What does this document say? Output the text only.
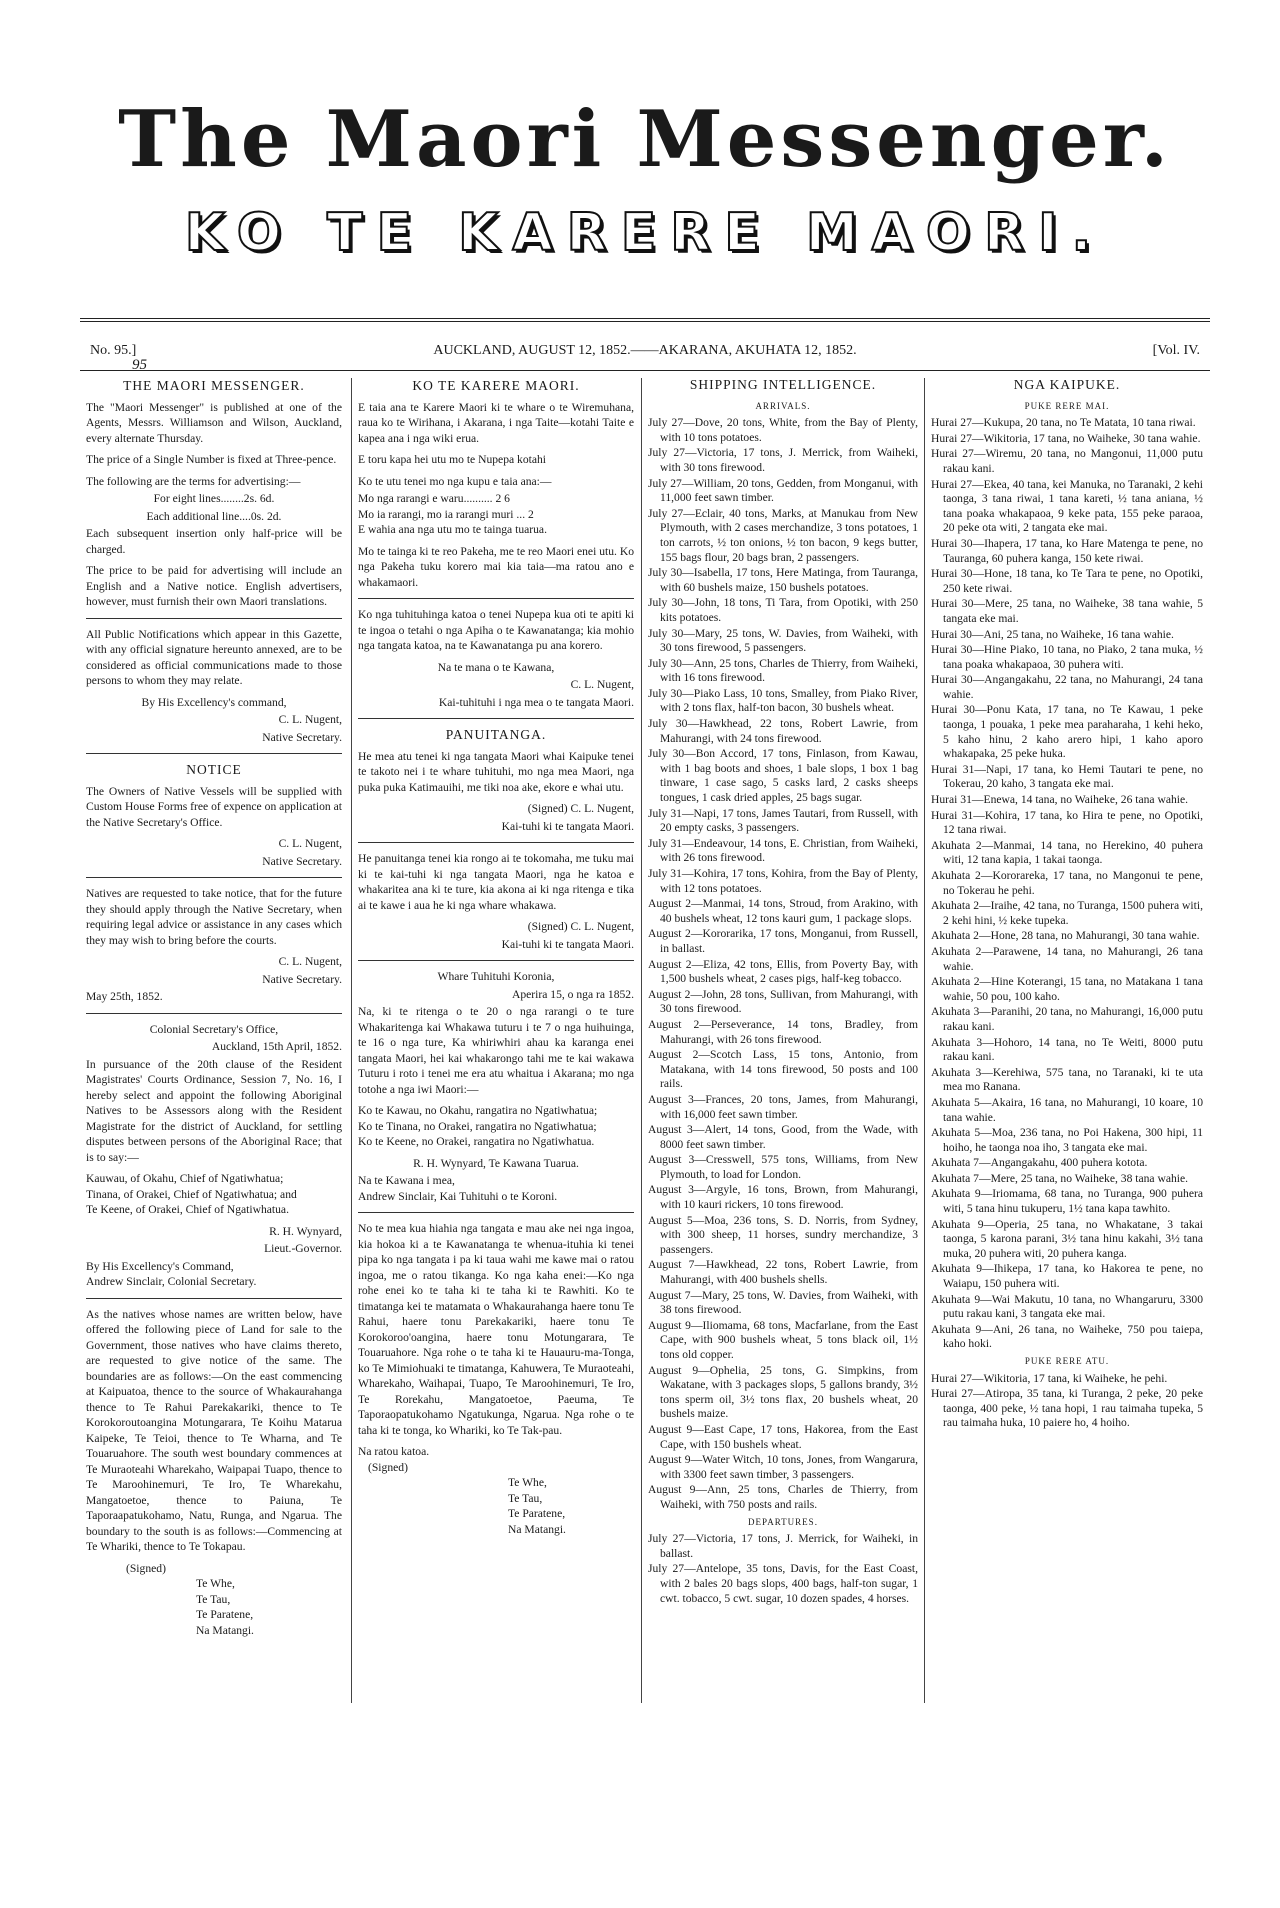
The Maori Messenger.
KO TE KARERE MAORI.
No. 95.]
95
AUCKLAND, AUGUST 12, 1852.——AKARANA, AKUHATA 12, 1852.	[Vol. IV.
THE MAORI MESSENGER.

The "Maori Messenger" is published at one of the Agents, Messrs. Williamson and Wilson, Auckland, every alternate Thursday.

The price of a Single Number is fixed at Three-pence.

The following are the terms for advertising:—

For eight lines........2s. 6d.

Each additional line....0s. 2d.

Each subsequent insertion only half-price will be charged.

The price to be paid for advertising will include an English and a Native notice. English advertisers, however, must furnish their own Maori translations.

All Public Notifications which appear in this Gazette, with any official signature hereunto annexed, are to be considered as official communications made to those persons to whom they may relate.

By His Excellency's command,

C. L. Nugent,

Native Secretary.

NOTICE

The Owners of Native Vessels will be supplied with Custom House Forms free of expence on application at the Native Secretary's Office.

C. L. Nugent,

Native Secretary.

Natives are requested to take notice, that for the future they should apply through the Native Secretary, when requiring legal advice or assistance in any cases which they may wish to bring before the courts.

C. L. Nugent,

Native Secretary.

May 25th, 1852.

Colonial Secretary's Office,

Auckland, 15th April, 1852.

In pursuance of the 20th clause of the Resident Magistrates' Courts Ordinance, Session 7, No. 16, I hereby select and appoint the following Aboriginal Natives to be Assessors along with the Resident Magistrate for the district of Auckland, for settling disputes between persons of the Aboriginal Race; that is to say:—

Kauwau, of Okahu, Chief of Ngatiwhatua;

Tinana, of Orakei, Chief of Ngatiwhatua; and

Te Keene, of Orakei, Chief of Ngatiwhatua.

R. H. Wynyard,

Lieut.-Governor.

By His Excellency's Command,

Andrew Sinclair, Colonial Secretary.

As the natives whose names are written below, have offered the following piece of Land for sale to the Government, those natives who have claims thereto, are requested to give notice of the same. The boundaries are as follows:—On the east commencing at Kaipuatoa, thence to the source of Whakaurahanga thence to Te Rahui Parekakariki, thence to Te Korokoroutoangina Motungarara, Te Koihu Matarua Kaipeke, Te Teioi, thence to Te Wharna, and Te Touaruahore. The south west boundary commences at Te Muraoteahi Wharekaho, Waipapai Tuapo, thence to Te Maroohinemuri, Te Iro, Te Wharekahu, Mangatoetoe, thence to Paiuna, Te Taporaapatukohamo, Natu, Runga, and Ngarua. The boundary to the south is as follows:—Commencing at Te Whariki, thence to Te Tokapau.

(Signed)

Te Whe,

Te Tau,

Te Paratene,

Na Matangi.

KO TE KARERE MAORI.

E taia ana te Karere Maori ki te whare o te Wiremuhana, raua ko te Wirihana, i Akarana, i nga Taite—kotahi Taite e kapea ana i nga wiki erua.

E toru kapa hei utu mo te Nupepa kotahi

Ko te utu tenei mo nga kupu e taia ana:—

Mo nga rarangi e waru.......... 2 6

Mo ia rarangi, mo ia rarangi muri ... 2

E wahia ana nga utu mo te tainga tuarua.

Mo te tainga ki te reo Pakeha, me te reo Maori enei utu. Ko nga Pakeha tuku korero mai kia taia—ma ratou ano e whakamaori.

Ko nga tuhituhinga katoa o tenei Nupepa kua oti te apiti ki te ingoa o tetahi o nga Apiha o te Kawanatanga; kia mohio nga tangata katoa, na te Kawanatanga pu ana korero.

Na te mana o te Kawana,

C. L. Nugent,

Kai-tuhituhi i nga mea o te tangata Maori.

PANUITANGA.

He mea atu tenei ki nga tangata Maori whai Kaipuke tenei te takoto nei i te whare tuhituhi, mo nga mea Maori, nga puka puka Katimauihi, me tiki noa ake, ekore e whai utu.

(Signed) C. L. Nugent,

Kai-tuhi ki te tangata Maori.

He panuitanga tenei kia rongo ai te tokomaha, me tuku mai ki te kai-tuhi ki nga tangata Maori, nga he katoa e whakaritea ana ki te ture, kia akona ai ki nga ritenga e tika ai te kawe i aua he ki nga whare whakawa.

(Signed) C. L. Nugent,

Kai-tuhi ki te tangata Maori.

Whare Tuhituhi Koronia,

Aperira 15, o nga ra 1852.

Na, ki te ritenga o te 20 o nga rarangi o te ture Whakaritenga kai Whakawa tuturu i te 7 o nga huihuinga, te 16 o nga ture, Ka whiriwhiri ahau ka karanga enei tangata Maori, hei kai whakarongo tahi me te kai wakawa Tuturu i roto i tenei me era atu whaitua i Akarana; mo nga totohe a nga iwi Maori:—

Ko te Kawau, no Okahu, rangatira no Ngatiwhatua;

Ko te Tinana, no Orakei, rangatira no Ngatiwhatua;

Ko te Keene, no Orakei, rangatira no Ngatiwhatua.

R. H. Wynyard, Te Kawana Tuarua.

Na te Kawana i mea,

Andrew Sinclair, Kai Tuhituhi o te Koroni.

No te mea kua hiahia nga tangata e mau ake nei nga ingoa, kia hokoa ki a te Kawanatanga te whenua-ituhia ki tenei pipa ko nga tangata i pa ki taua wahi me kawe mai o ratou ingoa, me o ratou tikanga. Ko nga kaha enei:—Ko nga rohe enei ko te taha ki te taha ki te Rawhiti. Ko te timatanga kei te matamata o Whakaurahanga haere tonu Te Rahui, haere tonu Parekakariki, haere tonu Te Korokoroo'oangina, haere tonu Motungarara, Te Touaruahore. Nga rohe o te taha ki te Hauauru-ma-Tonga, ko Te Mimiohuaki te timatanga, Kahuwera, Te Muraoteahi, Wharekaho, Waihapai, Tuapo, Te Maroohinemuri, Te Iro, Te Rorekahu, Mangatoetoe, Paeuma, Te Taporaopatukohamo Ngatukunga, Ngarua. Nga rohe o te taha ki te tonga, ko Whariki, ko Te Tak-pau.

Na ratou katoa.

(Signed)

Te Whe,

Te Tau,

Te Paratene,

Na Matangi.

SHIPPING INTELLIGENCE.
ARRIVALS.

July 27—Dove, 20 tons, White, from the Bay of Plenty, with 10 tons potatoes.

July 27—Victoria, 17 tons, J. Merrick, from Waiheki, with 30 tons firewood.

July 27—William, 20 tons, Gedden, from Monganui, with 11,000 feet sawn timber.

July 27—Eclair, 40 tons, Marks, at Manukau from New Plymouth, with 2 cases merchandize, 3 tons potatoes, 1 ton carrots, ½ ton onions, ½ ton bacon, 9 kegs butter, 155 bags flour, 20 bags bran, 2 passengers.

July 30—Isabella, 17 tons, Here Matinga, from Tauranga, with 60 bushels maize, 150 bushels potatoes.

July 30—John, 18 tons, Ti Tara, from Opotiki, with 250 kits potatoes.

July 30—Mary, 25 tons, W. Davies, from Waiheki, with 30 tons firewood, 5 passengers.

July 30—Ann, 25 tons, Charles de Thierry, from Waiheki, with 16 tons firewood.

July 30—Piako Lass, 10 tons, Smalley, from Piako River, with 2 tons flax, half-ton bacon, 30 bushels wheat.

July 30—Hawkhead, 22 tons, Robert Lawrie, from Mahurangi, with 24 tons firewood.

July 30—Bon Accord, 17 tons, Finlason, from Kawau, with 1 bag boots and shoes, 1 bale slops, 1 box 1 bag tinware, 1 case sago, 5 casks lard, 2 casks sheeps tongues, 1 cask dried apples, 25 bags sugar.

July 31—Napi, 17 tons, James Tautari, from Russell, with 20 empty casks, 3 passengers.

July 31—Endeavour, 14 tons, E. Christian, from Waiheki, with 26 tons firewood.

July 31—Kohira, 17 tons, Kohira, from the Bay of Plenty, with 12 tons potatoes.

August 2—Manmai, 14 tons, Stroud, from Arakino, with 40 bushels wheat, 12 tons kauri gum, 1 package slops.

August 2—Kororarika, 17 tons, Monganui, from Russell, in ballast.

August 2—Eliza, 42 tons, Ellis, from Poverty Bay, with 1,500 bushels wheat, 2 cases pigs, half-keg tobacco.

August 2—John, 28 tons, Sullivan, from Mahurangi, with 30 tons firewood.

August 2—Perseverance, 14 tons, Bradley, from Mahurangi, with 26 tons firewood.

August 2—Scotch Lass, 15 tons, Antonio, from Matakana, with 14 tons firewood, 50 posts and 100 rails.

August 3—Frances, 20 tons, James, from Mahurangi, with 16,000 feet sawn timber.

August 3—Alert, 14 tons, Good, from the Wade, with 8000 feet sawn timber.

August 3—Cresswell, 575 tons, Williams, from New Plymouth, to load for London.

August 3—Argyle, 16 tons, Brown, from Mahurangi, with 10 kauri rickers, 10 tons firewood.

August 5—Moa, 236 tons, S. D. Norris, from Sydney, with 300 sheep, 11 horses, sundry merchandize, 3 passengers.

August 7—Hawkhead, 22 tons, Robert Lawrie, from Mahurangi, with 400 bushels shells.

August 7—Mary, 25 tons, W. Davies, from Waiheki, with 38 tons firewood.

August 9—Iliomama, 68 tons, Macfarlane, from the East Cape, with 900 bushels wheat, 5 tons black oil, 1½ tons old copper.

August 9—Ophelia, 25 tons, G. Simpkins, from Wakatane, with 3 packages slops, 5 gallons brandy, 3½ tons sperm oil, 3½ tons flax, 20 bushels wheat, 20 bushels maize.

August 9—East Cape, 17 tons, Hakorea, from the East Cape, with 150 bushels wheat.

August 9—Water Witch, 10 tons, Jones, from Wangarura, with 3300 feet sawn timber, 3 passengers.

August 9—Ann, 25 tons, Charles de Thierry, from Waiheki, with 750 posts and rails.

DEPARTURES.

July 27—Victoria, 17 tons, J. Merrick, for Waiheki, in ballast.

July 27—Antelope, 35 tons, Davis, for the East Coast, with 2 bales 20 bags slops, 400 bags, half-ton sugar, 1 cwt. tobacco, 5 cwt. sugar, 10 dozen spades, 4 horses.

NGA KAIPUKE.
PUKE RERE MAI.

Hurai 27—Kukupa, 20 tana, no Te Matata, 10 tana riwai.

Hurai 27—Wikitoria, 17 tana, no Waiheke, 30 tana wahie.

Hurai 27—Wiremu, 20 tana, no Mangonui, 11,000 putu rakau kani.

Hurai 27—Ekea, 40 tana, kei Manuka, no Taranaki, 2 kehi taonga, 3 tana riwai, 1 tana kareti, ½ tana aniana, ½ tana poaka whakapaoa, 9 keke pata, 155 peke paraoa, 20 peke ota witi, 2 tangata eke mai.

Hurai 30—Ihapera, 17 tana, ko Hare Matenga te pene, no Tauranga, 60 puhera kanga, 150 kete riwai.

Hurai 30—Hone, 18 tana, ko Te Tara te pene, no Opotiki, 250 kete riwai.

Hurai 30—Mere, 25 tana, no Waiheke, 38 tana wahie, 5 tangata eke mai.

Hurai 30—Ani, 25 tana, no Waiheke, 16 tana wahie.

Hurai 30—Hine Piako, 10 tana, no Piako, 2 tana muka, ½ tana poaka whakapaoa, 30 puhera witi.

Hurai 30—Angangakahu, 22 tana, no Mahurangi, 24 tana wahie.

Hurai 30—Ponu Kata, 17 tana, no Te Kawau, 1 peke taonga, 1 pouaka, 1 peke mea paraharaha, 1 kehi heko, 5 kaho hinu, 2 kaho arero hipi, 1 kaho aporo whakapaka, 25 peke huka.

Hurai 31—Napi, 17 tana, ko Hemi Tautari te pene, no Tokerau, 20 kaho, 3 tangata eke mai.

Hurai 31—Enewa, 14 tana, no Waiheke, 26 tana wahie.

Hurai 31—Kohira, 17 tana, ko Hira te pene, no Opotiki, 12 tana riwai.

Akuhata 2—Manmai, 14 tana, no Herekino, 40 puhera witi, 12 tana kapia, 1 takai taonga.

Akuhata 2—Kororareka, 17 tana, no Mangonui te pene, no Tokerau he pehi.

Akuhata 2—Iraihe, 42 tana, no Turanga, 1500 puhera witi, 2 kehi hini, ½ keke tupeka.

Akuhata 2—Hone, 28 tana, no Mahurangi, 30 tana wahie.

Akuhata 2—Parawene, 14 tana, no Mahurangi, 26 tana wahie.

Akuhata 2—Hine Koterangi, 15 tana, no Matakana 1 tana wahie, 50 pou, 100 kaho.

Akuhata 3—Paranihi, 20 tana, no Mahurangi, 16,000 putu rakau kani.

Akuhata 3—Hohoro, 14 tana, no Te Weiti, 8000 putu rakau kani.

Akuhata 3—Kerehiwa, 575 tana, no Taranaki, ki te uta mea mo Ranana.

Akuhata 5—Akaira, 16 tana, no Mahurangi, 10 koare, 10 tana wahie.

Akuhata 5—Moa, 236 tana, no Poi Hakena, 300 hipi, 11 hoiho, he taonga noa iho, 3 tangata eke mai.

Akuhata 7—Angangakahu, 400 puhera kotota.

Akuhata 7—Mere, 25 tana, no Waiheke, 38 tana wahie.

Akuhata 9—Iriomama, 68 tana, no Turanga, 900 puhera witi, 5 tana hinu tukuperu, 1½ tana kapa tawhito.

Akuhata 9—Operia, 25 tana, no Whakatane, 3 takai taonga, 5 karona parani, 3½ tana hinu kakahi, 3½ tana muka, 20 puhera witi, 20 puhera kanga.

Akuhata 9—Ihikepa, 17 tana, ko Hakorea te pene, no Waiapu, 150 puhera witi.

Akuhata 9—Wai Makutu, 10 tana, no Whangaruru, 3300 putu rakau kani, 3 tangata eke mai.

Akuhata 9—Ani, 26 tana, no Waiheke, 750 pou taiepa, kaho hoki.

PUKE RERE ATU.

Hurai 27—Wikitoria, 17 tana, ki Waiheke, he pehi.

Hurai 27—Atiropa, 35 tana, ki Turanga, 2 peke, 20 peke taonga, 400 peke, ½ tana hopi, 1 rau taimaha tupeka, 5 rau taimaha huka, 10 paiere ho, 4 hoiho.
